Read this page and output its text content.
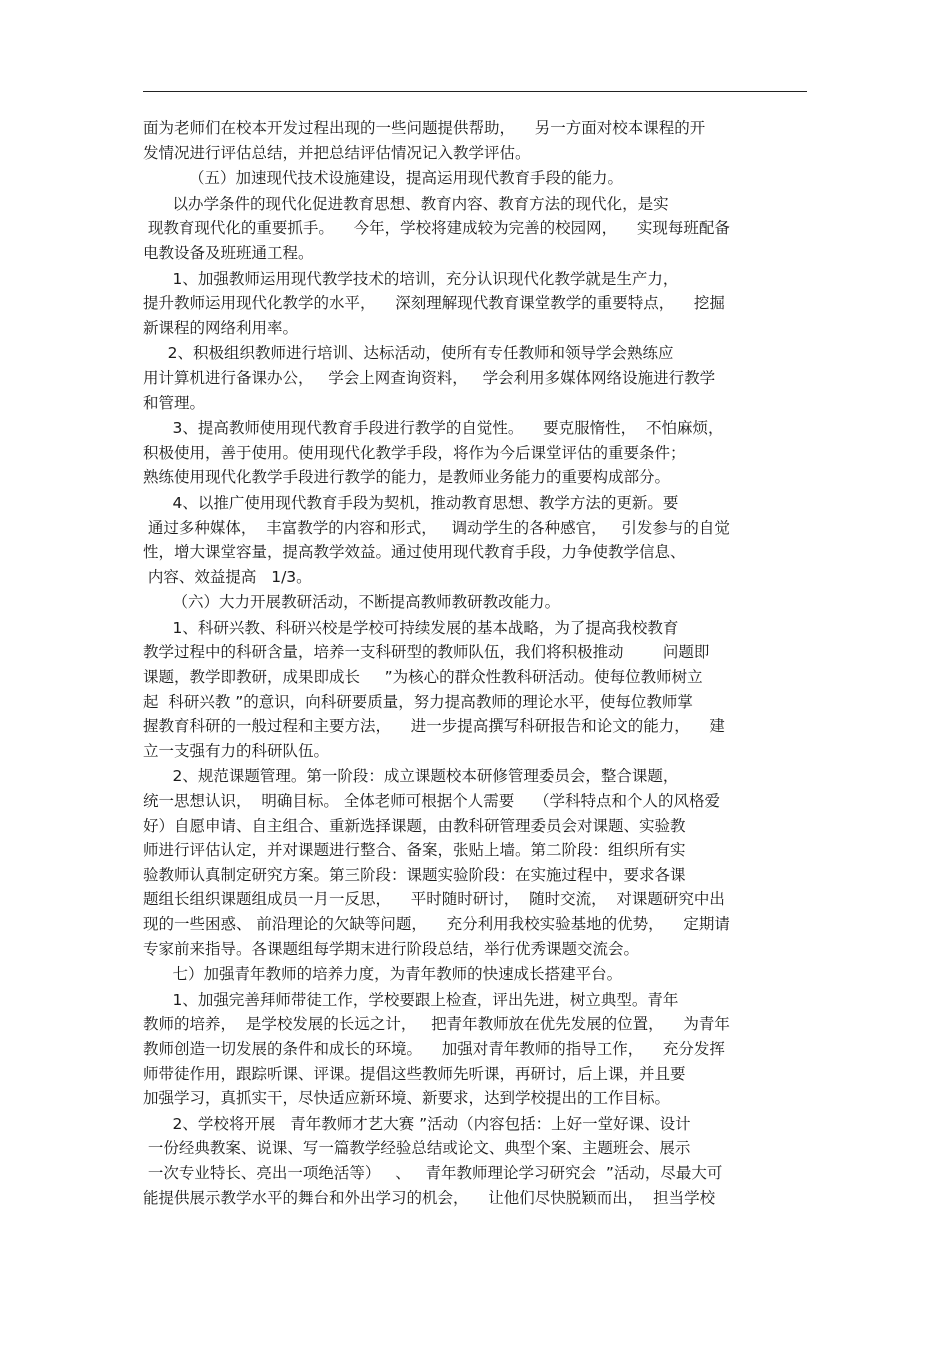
面为老师们在校本开发过程出现的一些问题提供帮助，    另一方面对校本课程的开
发情况进行评估总结，并把总结评估情况记入教学评估。
（五）加速现代技术设施建设，提高运用现代教育手段的能力。
以办学条件的现代化促进教育思想、教育内容、教育方法的现代化，是实
现教育现代化的重要抓手。    今年，学校将建成较为完善的校园网，    实现每班配备
电教设备及班班通工程。
1、加强教师运用现代教学技术的培训，充分认识现代化教学就是生产力，
提升教师运用现代化教学的水平，    深刻理解现代教育课堂教学的重要特点，    挖掘
新课程的网络利用率。
2、积极组织教师进行培训、达标活动，使所有专任教师和领导学会熟练应
用计算机进行备课办公，   学会上网查询资料，   学会利用多媒体网络设施进行教学
和管理。
3、提高教师使用现代教育手段进行教学的自觉性。    要克服惰性，  不怕麻烦，
积极使用，善于使用。使用现代化教学手段，将作为今后课堂评估的重要条件；
熟练使用现代化教学手段进行教学的能力，是教师业务能力的重要构成部分。
4、以推广使用现代教育手段为契机，推动教育思想、教学方法的更新。要
通过多种媒体，  丰富教学的内容和形式，   调动学生的各种感官，   引发参与的自觉
性，增大课堂容量，提高教学效益。通过使用现代教育手段，力争使教学信息、
内容、效益提高   1/3。
（六）大力开展教研活动，不断提高教师教研教改能力。
1、科研兴教、科研兴校是学校可持续发展的基本战略，为了提高我校教育
教学过程中的科研含量，培养一支科研型的教师队伍，我们将积极推动        问题即
课题，教学即教研，成果即成长     ”为核心的群众性教科研活动。使每位教师树立
起  科研兴教 ”的意识，向科研要质量，努力提高教师的理论水平，使每位教师掌
握教育科研的一般过程和主要方法，    进一步提高撰写科研报告和论文的能力，    建
立一支强有力的科研队伍。
2、规范课题管理。第一阶段：成立课题校本研修管理委员会，整合课题，
统一思想认识，  明确目标。 全体老师可根据个人需要    （学科特点和个人的风格爱
好）自愿申请、自主组合、重新选择课题，由教科研管理委员会对课题、实验教
师进行评估认定，并对课题进行整合、备案，张贴上墙。第二阶段：组织所有实
验教师认真制定研究方案。第三阶段：课题实验阶段：在实施过程中，要求各课
题组长组织课题组成员一月一反思，    平时随时研讨，  随时交流，  对课题研究中出
现的一些困惑、 前沿理论的欠缺等问题，    充分利用我校实验基地的优势，    定期请
专家前来指导。各课题组每学期末进行阶段总结，举行优秀课题交流会。
七）加强青年教师的培养力度，为青年教师的快速成长搭建平台。
1、加强完善拜师带徒工作，学校要跟上检查，评出先进，树立典型。青年
教师的培养，  是学校发展的长远之计，   把青年教师放在优先发展的位置，    为青年
教师创造一切发展的条件和成长的环境。    加强对青年教师的指导工作，    充分发挥
师带徒作用，跟踪听课、评课。提倡这些教师先听课，再研讨，后上课，并且要
加强学习，真抓实干，尽快适应新环境、新要求，达到学校提出的工作目标。
2、学校将开展   青年教师才艺大赛 ”活动（内容包括：上好一堂好课、设计
一份经典教案、说课、写一篇教学经验总结或论文、典型个案、主题班会、展示
一次专业特长、亮出一项绝活等）   、   青年教师理论学习研究会  ”活动，尽最大可
能提供展示教学水平的舞台和外出学习的机会，    让他们尽快脱颖而出，  担当学校
